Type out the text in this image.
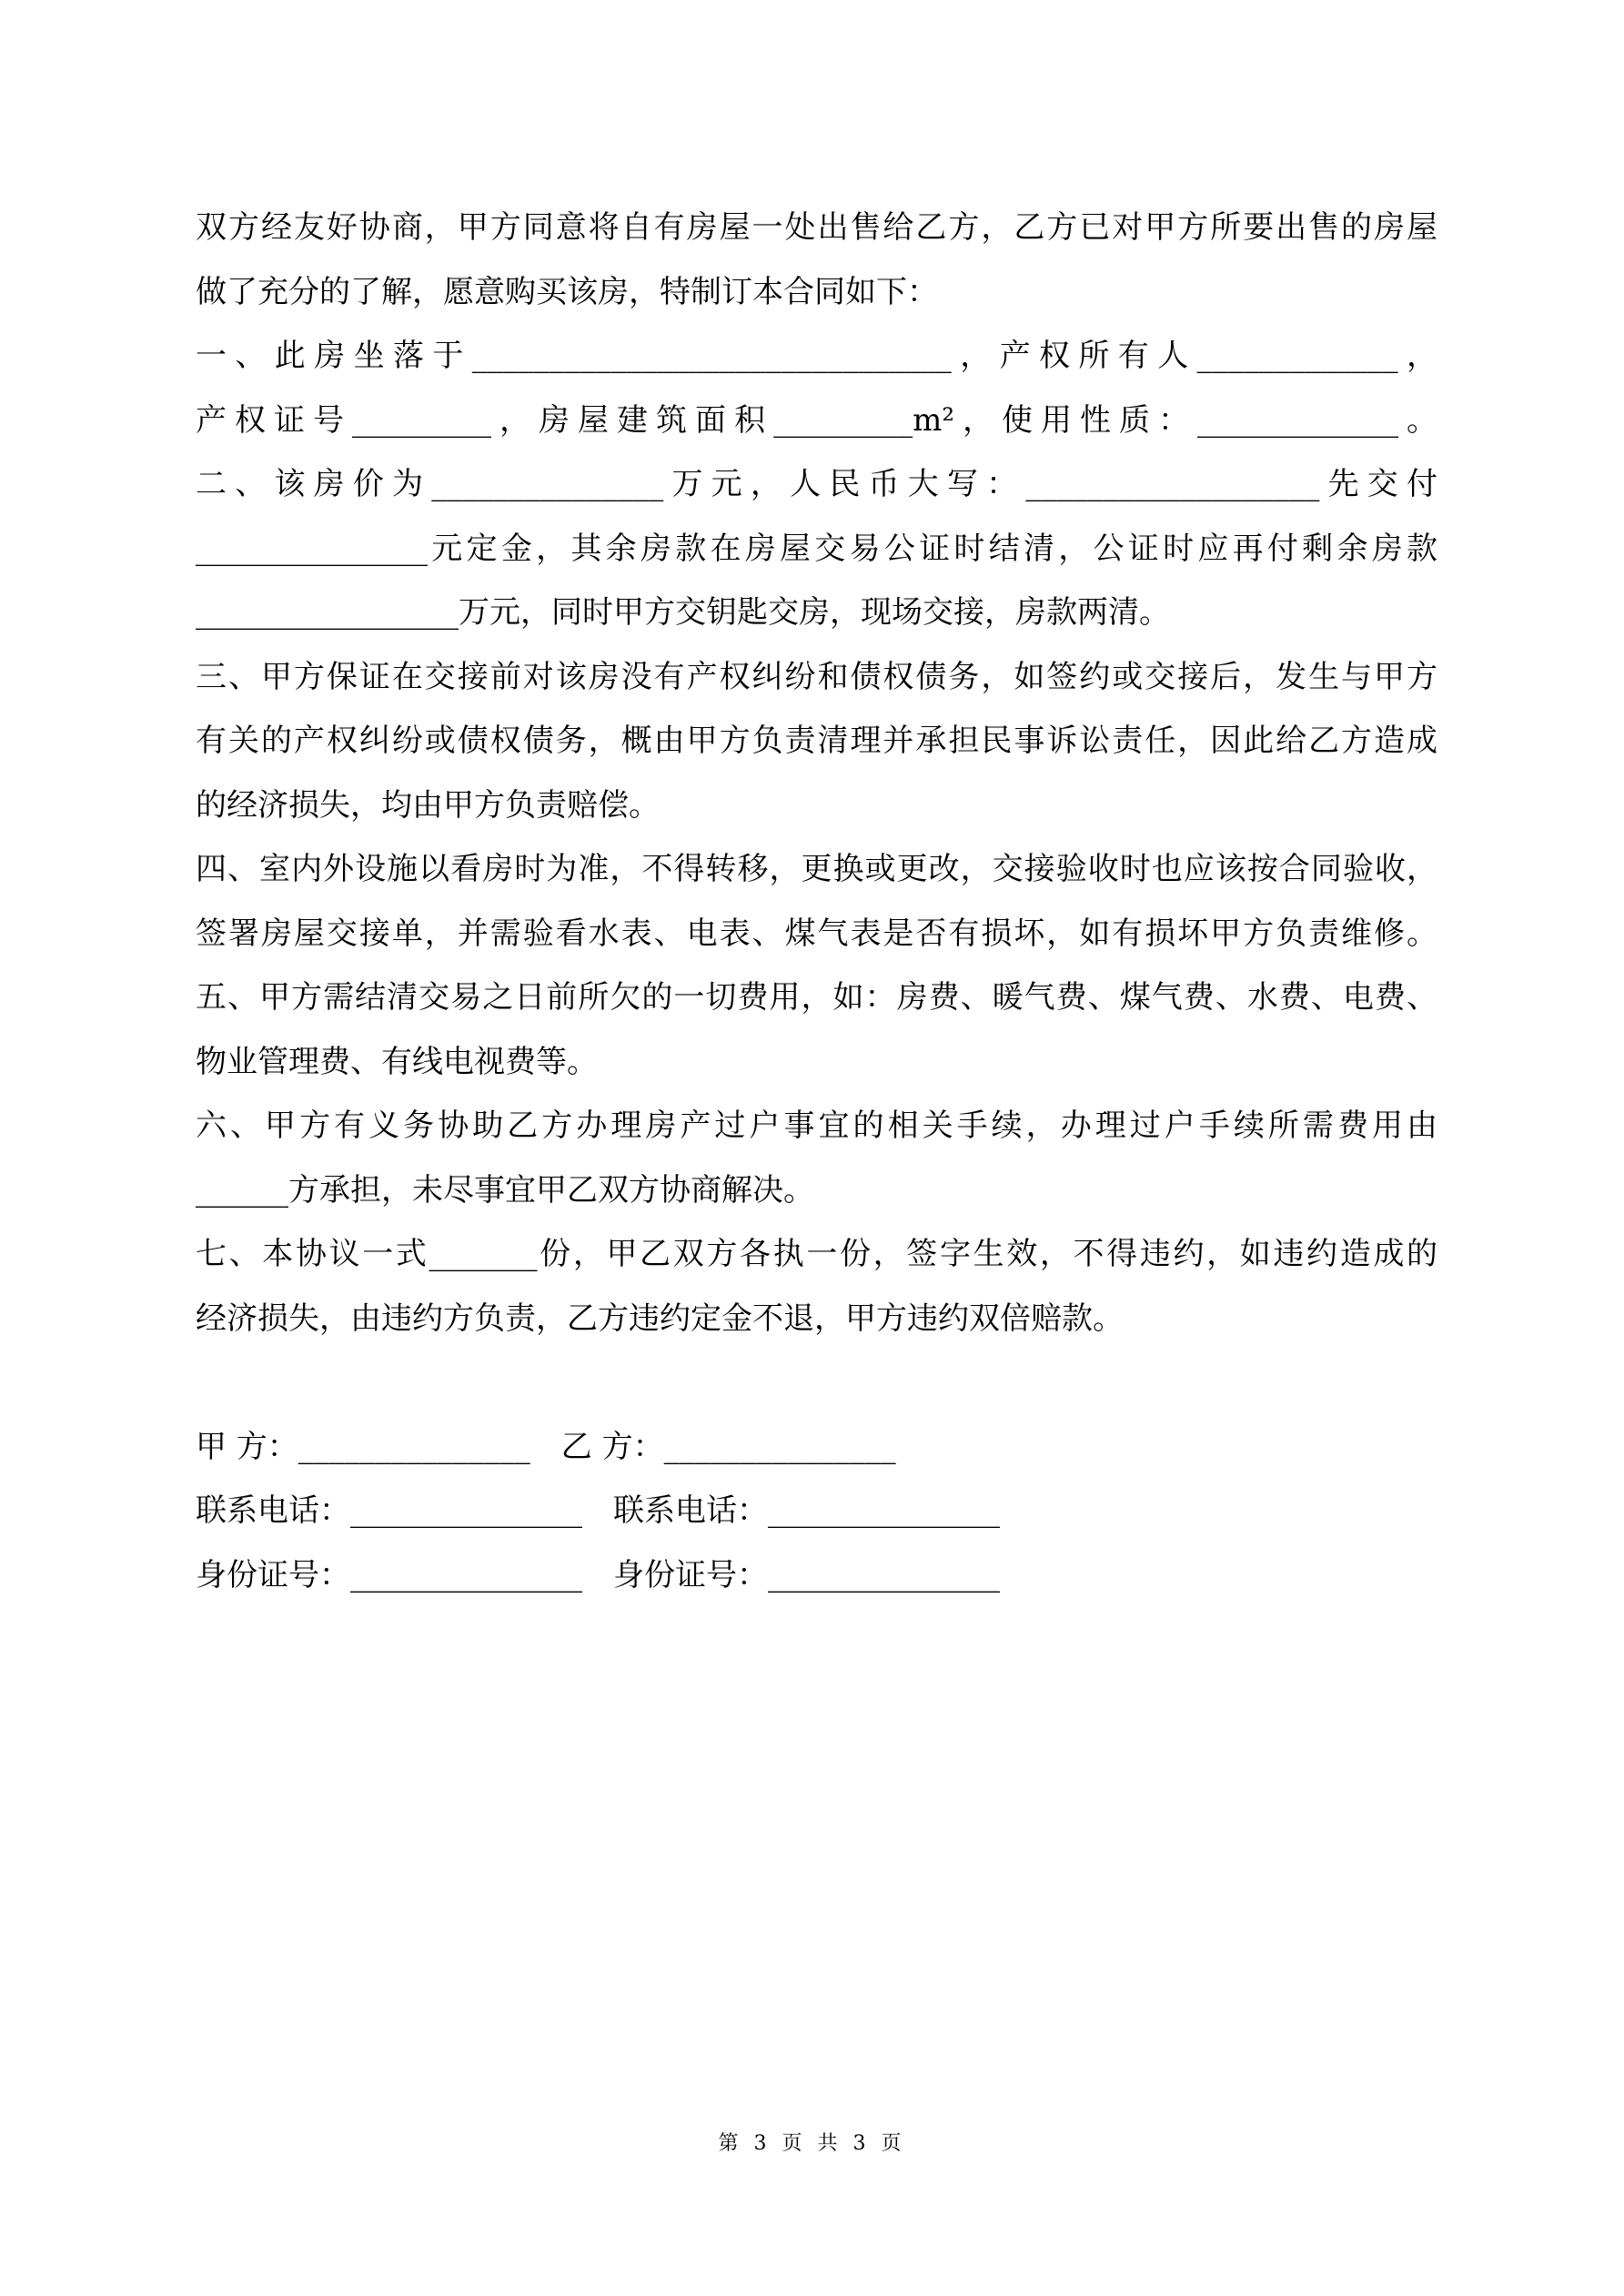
双方经友好协商，甲方同意将自有房屋一处出售给乙方，乙方已对甲方所要出售的房屋

做了充分的了解，愿意购买该房，特制订本合同如下：

一、此房坐落于_______________________________，产权所有人_____________，

产权证号_________，房屋建筑面积_________m²，使用性质：_____________。

二、该房价为_______________万元，人民币大写：___________________先交付

_______________元定金，其余房款在房屋交易公证时结清，公证时应再付剩余房款

_________________万元，同时甲方交钥匙交房，现场交接，房款两清。

三、甲方保证在交接前对该房没有产权纠纷和债权债务，如签约或交接后，发生与甲方

有关的产权纠纷或债权债务，概由甲方负责清理并承担民事诉讼责任，因此给乙方造成

的经济损失，均由甲方负责赔偿。

四、室内外设施以看房时为准，不得转移，更换或更改，交接验收时也应该按合同验收，

签署房屋交接单，并需验看水表、电表、煤气表是否有损坏，如有损坏甲方负责维修。

五、甲方需结清交易之日前所欠的一切费用，如：房费、暖气费、煤气费、水费、电费、

物业管理费、有线电视费等。

六、甲方有义务协助乙方办理房产过户事宜的相关手续，办理过户手续所需费用由

______方承担，未尽事宜甲乙双方协商解决。

七、本协议一式_______份，甲乙双方各执一份，签字生效，不得违约，如违约造成的

经济损失，由违约方负责，乙方违约定金不退，甲方违约双倍赔款。

甲 方：_______________　乙 方：_______________

联系电话：_______________　联系电话：_______________

身份证号：_______________　身份证号：_______________

第 3 页 共 3 页
